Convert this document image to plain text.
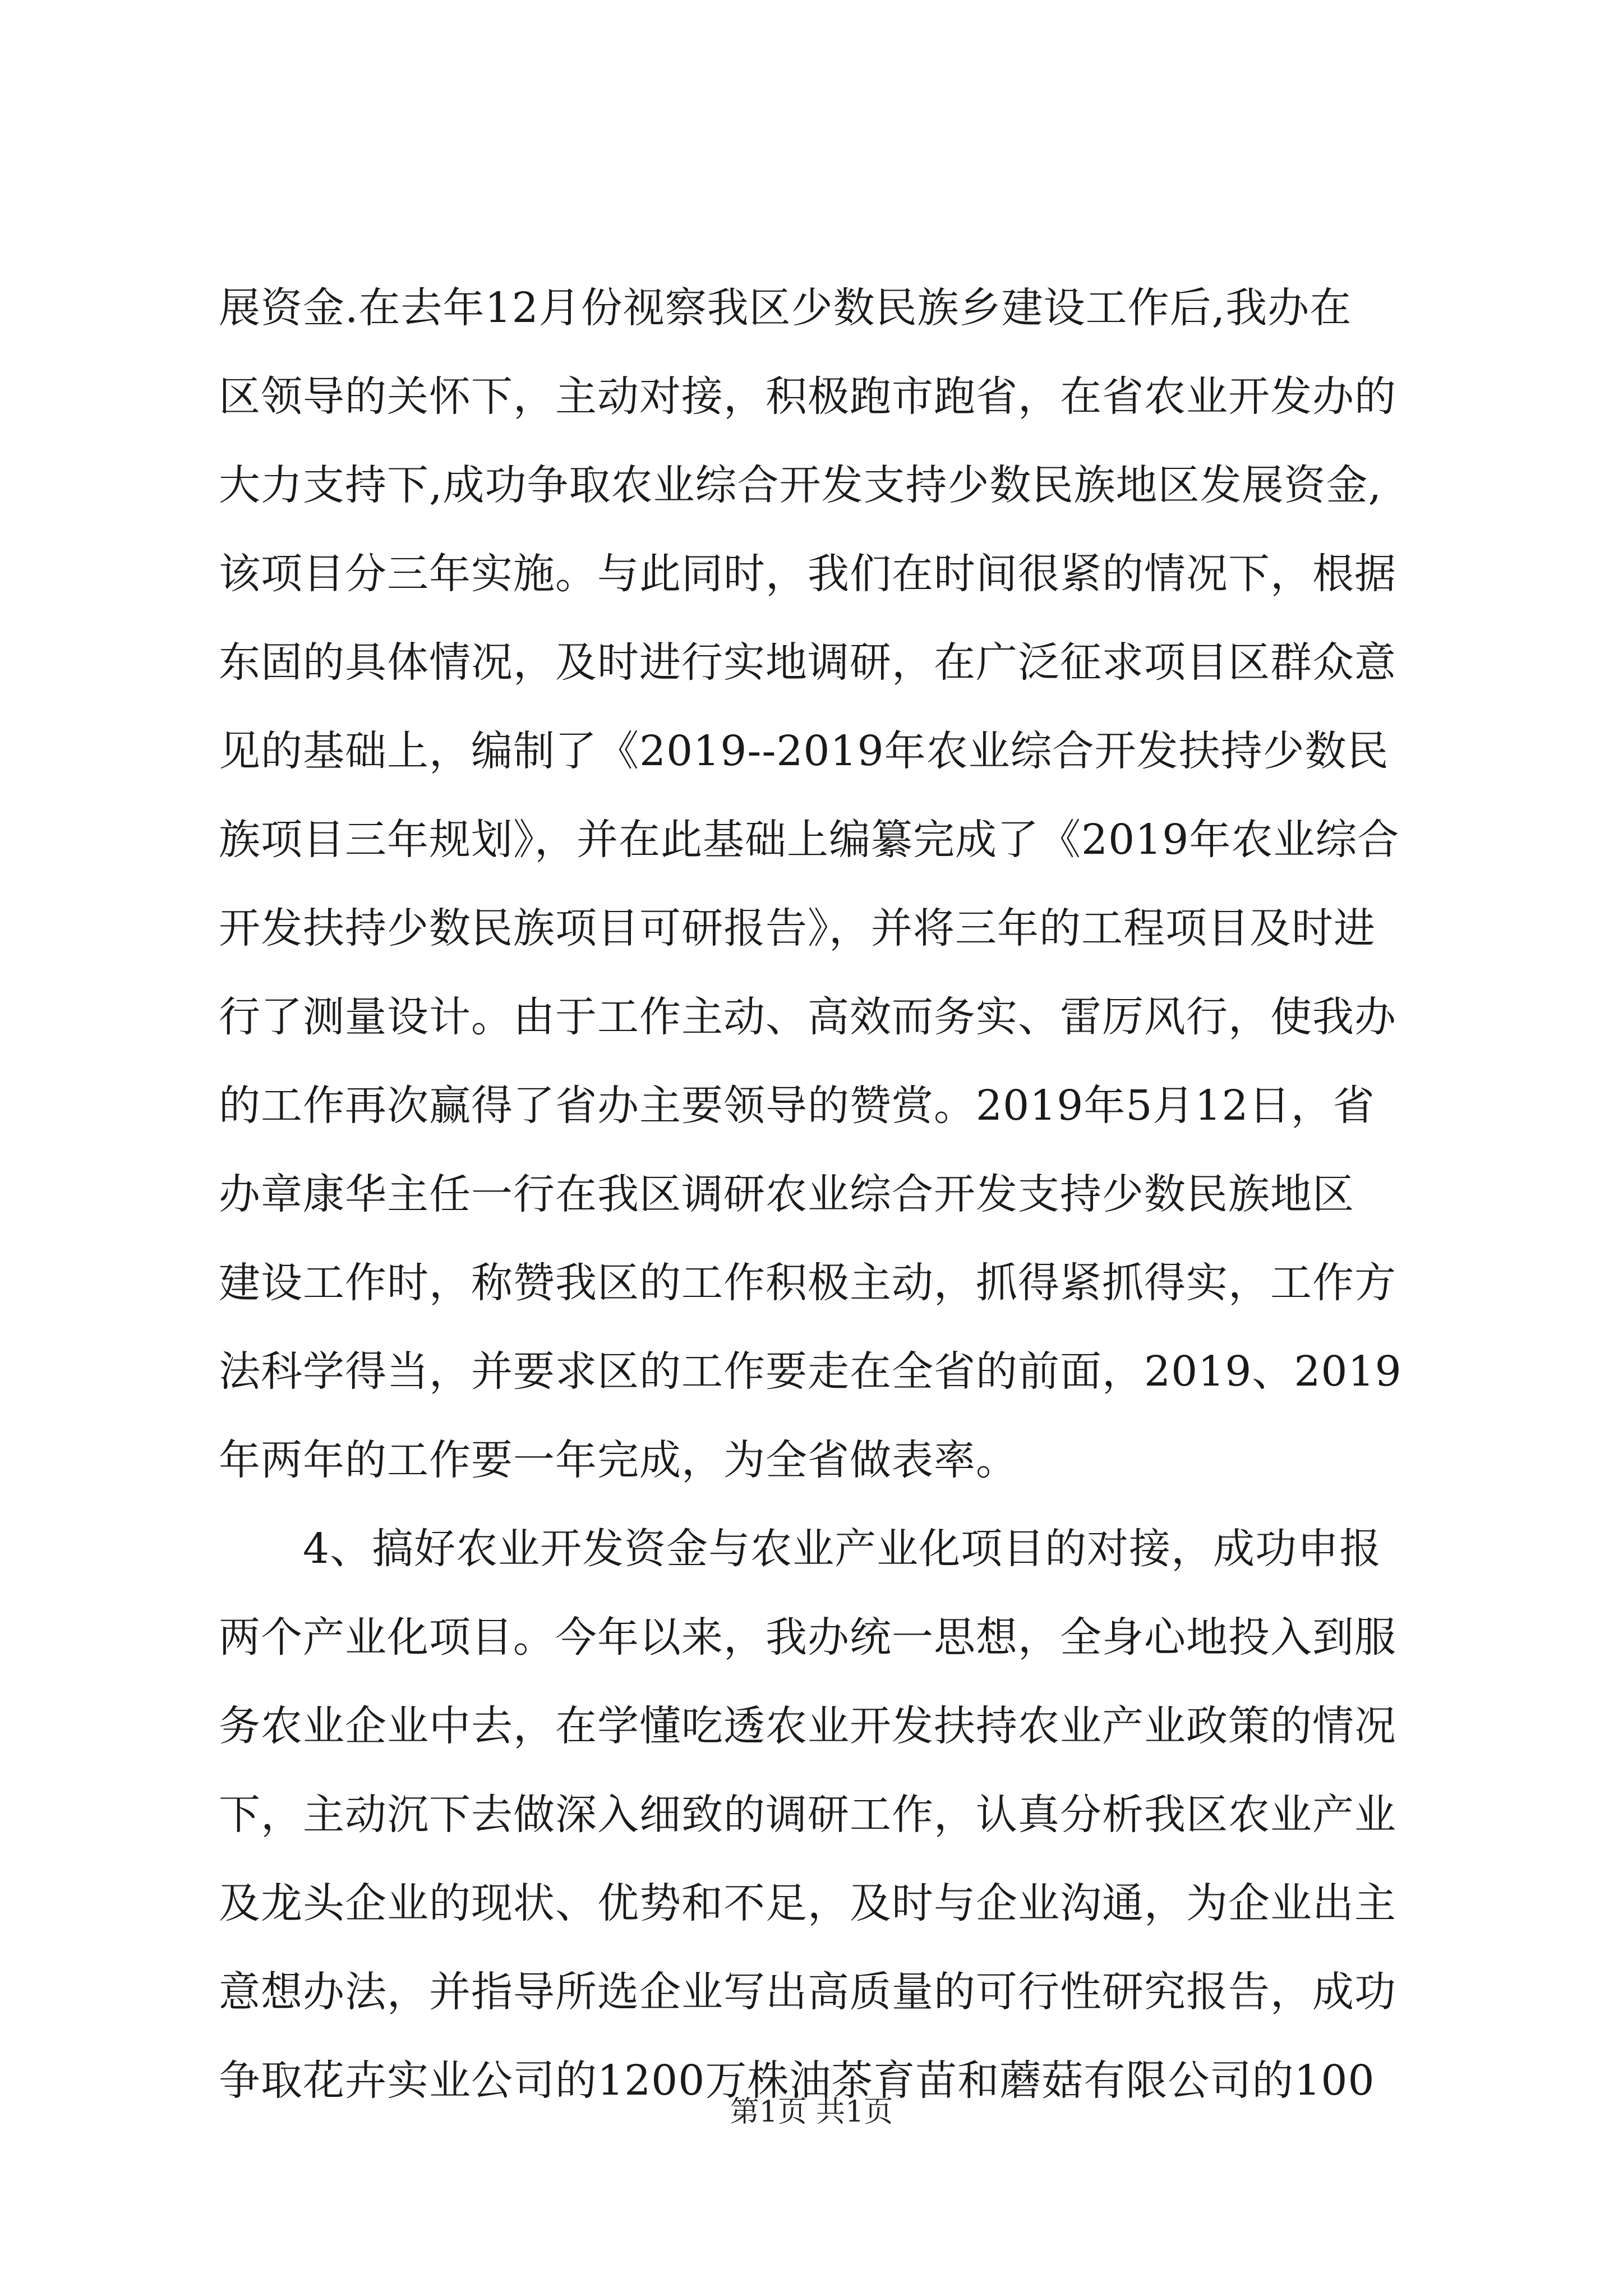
展资金.在去年12月份视察我区少数民族乡建设工作后,我办在
区领导的关怀下，主动对接，积极跑市跑省，在省农业开发办的
大力支持下,成功争取农业综合开发支持少数民族地区发展资金,
该项目分三年实施。与此同时，我们在时间很紧的情况下，根据
东固的具体情况，及时进行实地调研，在广泛征求项目区群众意
见的基础上，编制了《2019--2019年农业综合开发扶持少数民
族项目三年规划》，并在此基础上编纂完成了《2019年农业综合
开发扶持少数民族项目可研报告》，并将三年的工程项目及时进
行了测量设计。由于工作主动、高效而务实、雷厉风行，使我办
的工作再次赢得了省办主要领导的赞赏。2019年5月12日，省
办章康华主任一行在我区调研农业综合开发支持少数民族地区
建设工作时，称赞我区的工作积极主动，抓得紧抓得实，工作方
法科学得当，并要求区的工作要走在全省的前面，2019、2019
年两年的工作要一年完成，为全省做表率。
4、搞好农业开发资金与农业产业化项目的对接，成功申报
两个产业化项目。今年以来，我办统一思想，全身心地投入到服
务农业企业中去，在学懂吃透农业开发扶持农业产业政策的情况
下，主动沉下去做深入细致的调研工作，认真分析我区农业产业
及龙头企业的现状、优势和不足，及时与企业沟通，为企业出主
意想办法，并指导所选企业写出高质量的可行性研究报告，成功
争取花卉实业公司的1200万株油茶育苗和蘑菇有限公司的100
第1页 共1页
